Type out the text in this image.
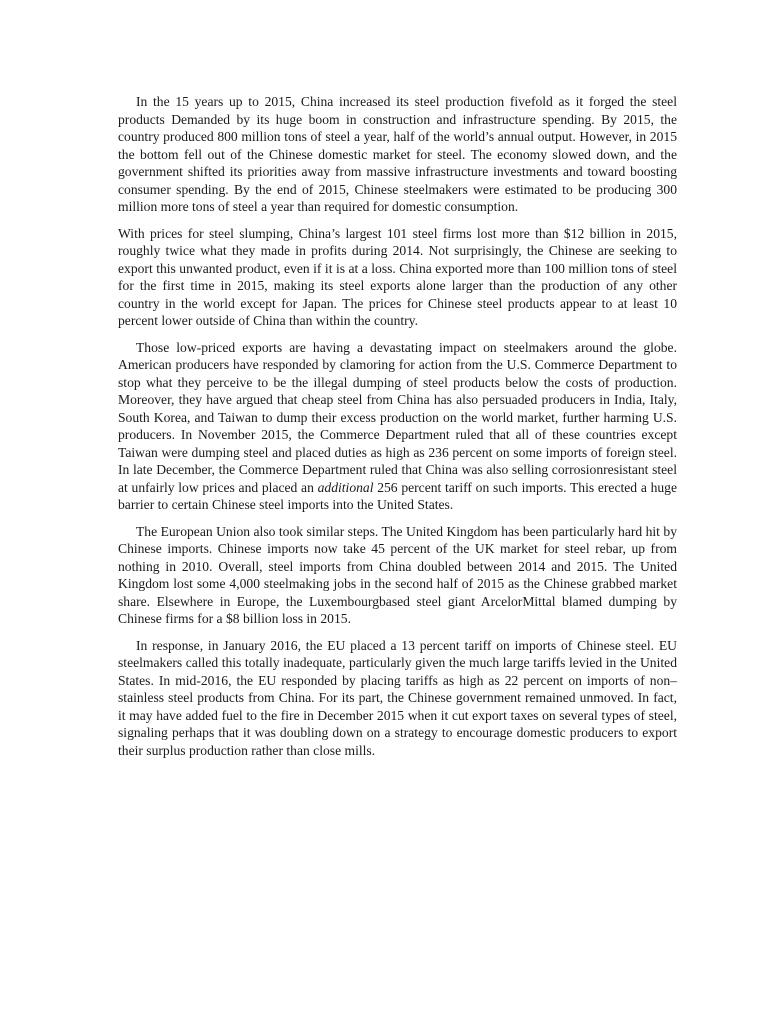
In the 15 years up to 2015, China increased its steel production fivefold as it forged the steel products Demanded by its huge boom in construction and infrastructure spending. By 2015, the country produced 800 million tons of steel a year, half of the world’s annual output. However, in 2015 the bottom fell out of the Chinese domestic market for steel. The economy slowed down, and the government shifted its priorities away from massive infrastructure investments and toward boosting consumer spending. By the end of 2015, Chinese steelmakers were estimated to be producing 300 million more tons of steel a year than required for domestic consumption.

With prices for steel slumping, China’s largest 101 steel firms lost more than $12 billion in 2015, roughly twice what they made in profits during 2014. Not surprisingly, the Chinese are seeking to export this unwanted product, even if it is at a loss. China exported more than 100 million tons of steel for the first time in 2015, making its steel exports alone larger than the production of any other country in the world except for Japan. The prices for Chinese steel products appear to at least 10 percent lower outside of China than within the country.

Those low-priced exports are having a devastating impact on steelmakers around the globe. American producers have responded by clamoring for action from the U.S. Commerce Department to stop what they perceive to be the illegal dumping of steel products below the costs of production. Moreover, they have argued that cheap steel from China has also persuaded producers in India, Italy, South Korea, and Taiwan to dump their excess production on the world market, further harming U.S. producers. In November 2015, the Commerce Department ruled that all of these countries except Taiwan were dumping steel and placed duties as high as 236 percent on some imports of foreign steel. In late December, the Commerce Department ruled that China was also selling corrosionresistant steel at unfairly low prices and placed an additional 256 percent tariff on such imports. This erected a huge barrier to certain Chinese steel imports into the United States.

The European Union also took similar steps. The United Kingdom has been particularly hard hit by Chinese imports. Chinese imports now take 45 percent of the UK market for steel rebar, up from nothing in 2010. Overall, steel imports from China doubled between 2014 and 2015. The United Kingdom lost some 4,000 steelmaking jobs in the second half of 2015 as the Chinese grabbed market share. Elsewhere in Europe, the Luxembourgbased steel giant ArcelorMittal blamed dumping by Chinese firms for a $8 billion loss in 2015.

In response, in January 2016, the EU placed a 13 percent tariff on imports of Chinese steel. EU steelmakers called this totally inadequate, particularly given the much large tariffs levied in the United States. In mid-2016, the EU responded by placing tariffs as high as 22 percent on imports of non–stainless steel products from China. For its part, the Chinese government remained unmoved. In fact, it may have added fuel to the fire in December 2015 when it cut export taxes on several types of steel, signaling perhaps that it was doubling down on a strategy to encourage domestic producers to export their surplus production rather than close mills.
